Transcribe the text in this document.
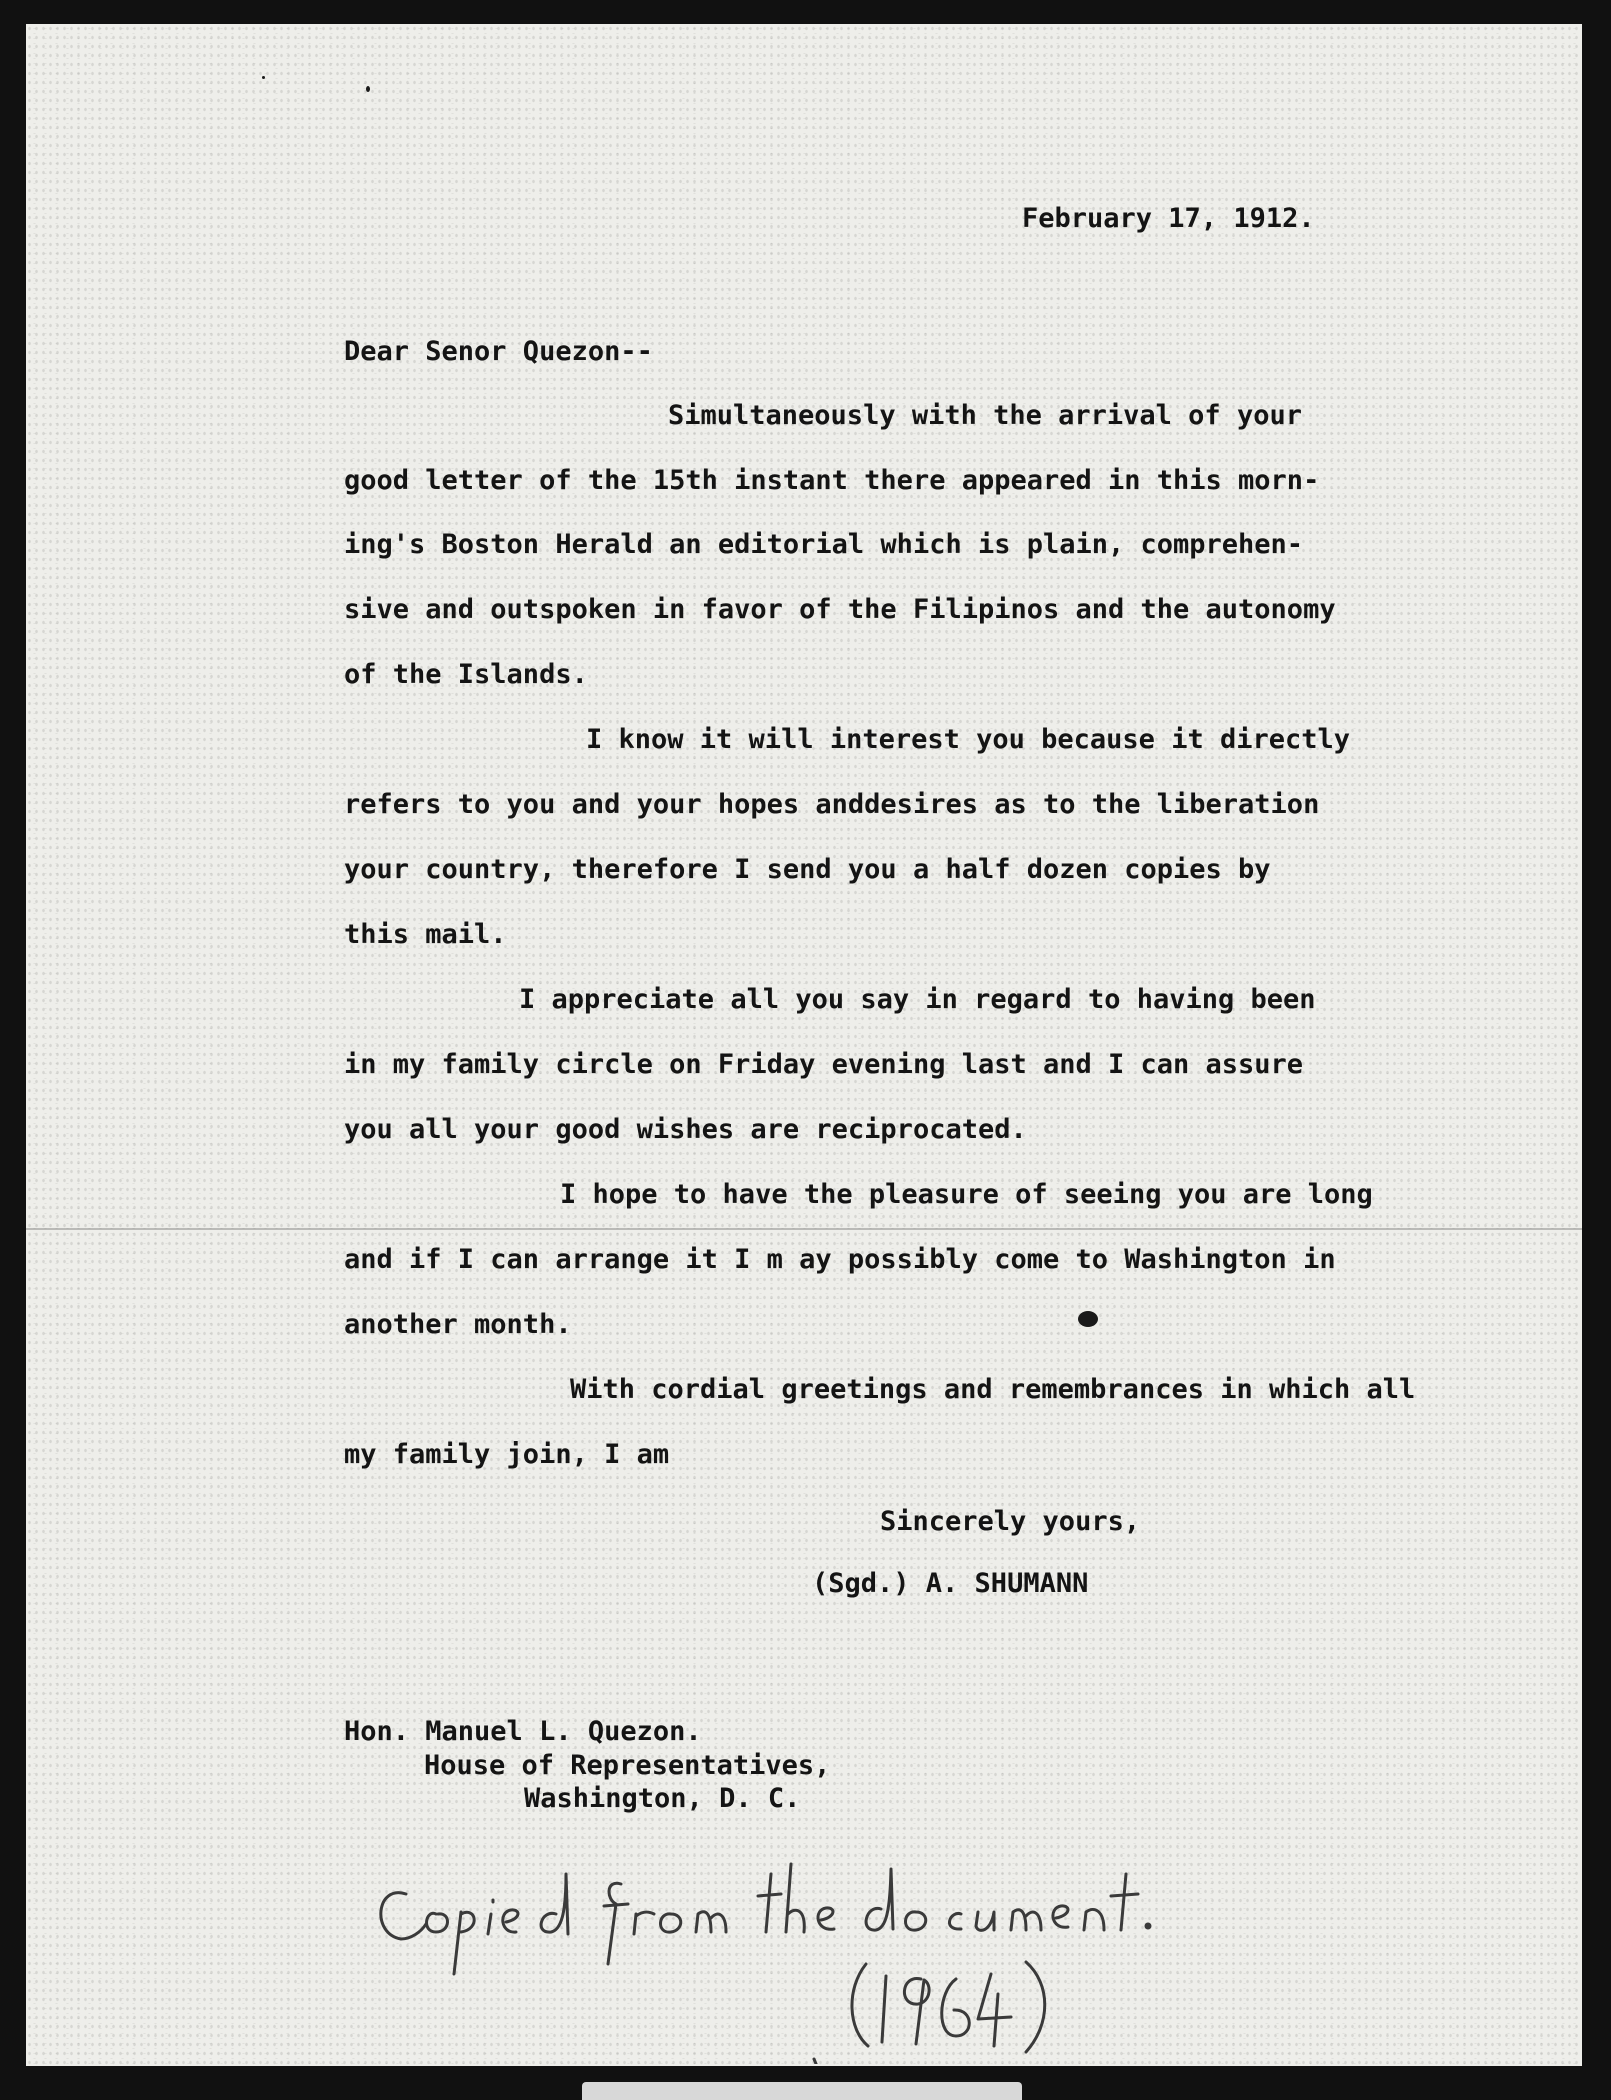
February 17, 1912.

Dear Senor Quezon--

Simultaneously with the arrival of your

good letter of the 15th instant there appeared in this morn-

ing's Boston Herald an editorial which is plain, comprehen-

sive and outspoken in favor of the Filipinos and the autonomy

of the Islands.

I know it will interest you because it directly

refers to you and your hopes anddesires as to the liberation

your country, therefore I send you a half dozen copies by

this mail.

I appreciate all you say in regard to having been

in my family circle on Friday evening last and I can assure

you all your good wishes are reciprocated.

I hope to have the pleasure of seeing you are long

and if I can arrange it I m ay possibly come to Washington in

another month.

With cordial greetings and remembrances in which all

my family join, I am

Sincerely yours,

(Sgd.) A. SHUMANN

Hon. Manuel L. Quezon.

House of Representatives,

Washington, D. C.
